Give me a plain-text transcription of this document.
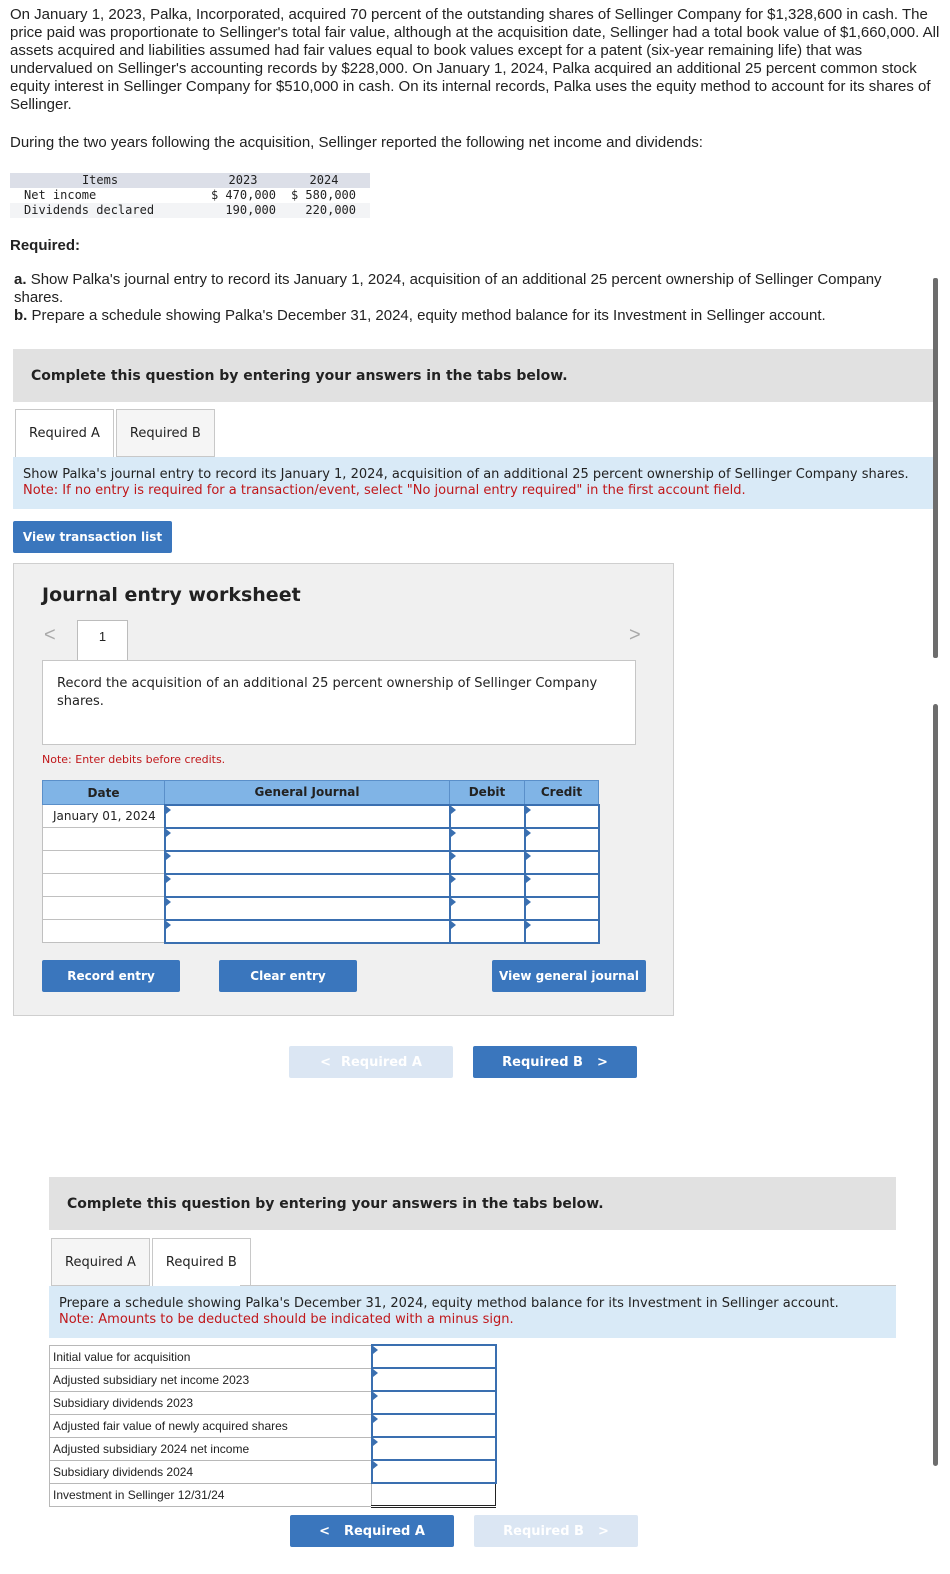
On January 1, 2023, Palka, Incorporated, acquired 70 percent of the outstanding shares of Sellinger Company for $1,328,600 in cash. The price paid was proportionate to Sellinger's total fair value, although at the acquisition date, Sellinger had a total book value of $1,660,000. All assets acquired and liabilities assumed had fair values equal to book values except for a patent (six-year remaining life) that was undervalued on Sellinger's accounting records by $228,000. On January 1, 2024, Palka acquired an additional 25 percent common stock equity interest in Sellinger Company for $510,000 in cash. On its internal records, Palka uses the equity method to account for its shares of Sellinger.

During the two years following the acquisition, Sellinger reported the following net income and dividends:
Items	2023	2024
Net income	$ 470,000	$ 580,000
Dividends declared	190,000	220,000
Required:
a. Show Palka's journal entry to record its January 1, 2024, acquisition of an additional 25 percent ownership of Sellinger Company shares.
b. Prepare a schedule showing Palka's December 31, 2024, equity method balance for its Investment in Sellinger account.
Complete this question by entering your answers in the tabs below.
Required A	Required B
Show Palka's journal entry to record its January 1, 2024, acquisition of an additional 25 percent ownership of Sellinger Company shares.
Note: If no entry is required for a transaction/event, select "No journal entry required" in the first account field.
View transaction list
Journal entry worksheet
<	1	>
Record the acquisition of an additional 25 percent ownership of Sellinger Company shares.
Note: Enter debits before credits.
Date	General Journal	Debit	Credit
January 01, 2024			

Record entry	Clear entry	View general journal
< Required A	Required B >
Complete this question by entering your answers in the tabs below.
Required A	Required B
Prepare a schedule showing Palka's December 31, 2024, equity method balance for its Investment in Sellinger account.
Note: Amounts to be deducted should be indicated with a minus sign.
Initial value for acquisition	
Adjusted subsidiary net income 2023	
Subsidiary dividends 2023	
Adjusted fair value of newly acquired shares	
Adjusted subsidiary 2024 net income	
Subsidiary dividends 2024	
Investment in Sellinger 12/31/24	
< Required A	Required B >
